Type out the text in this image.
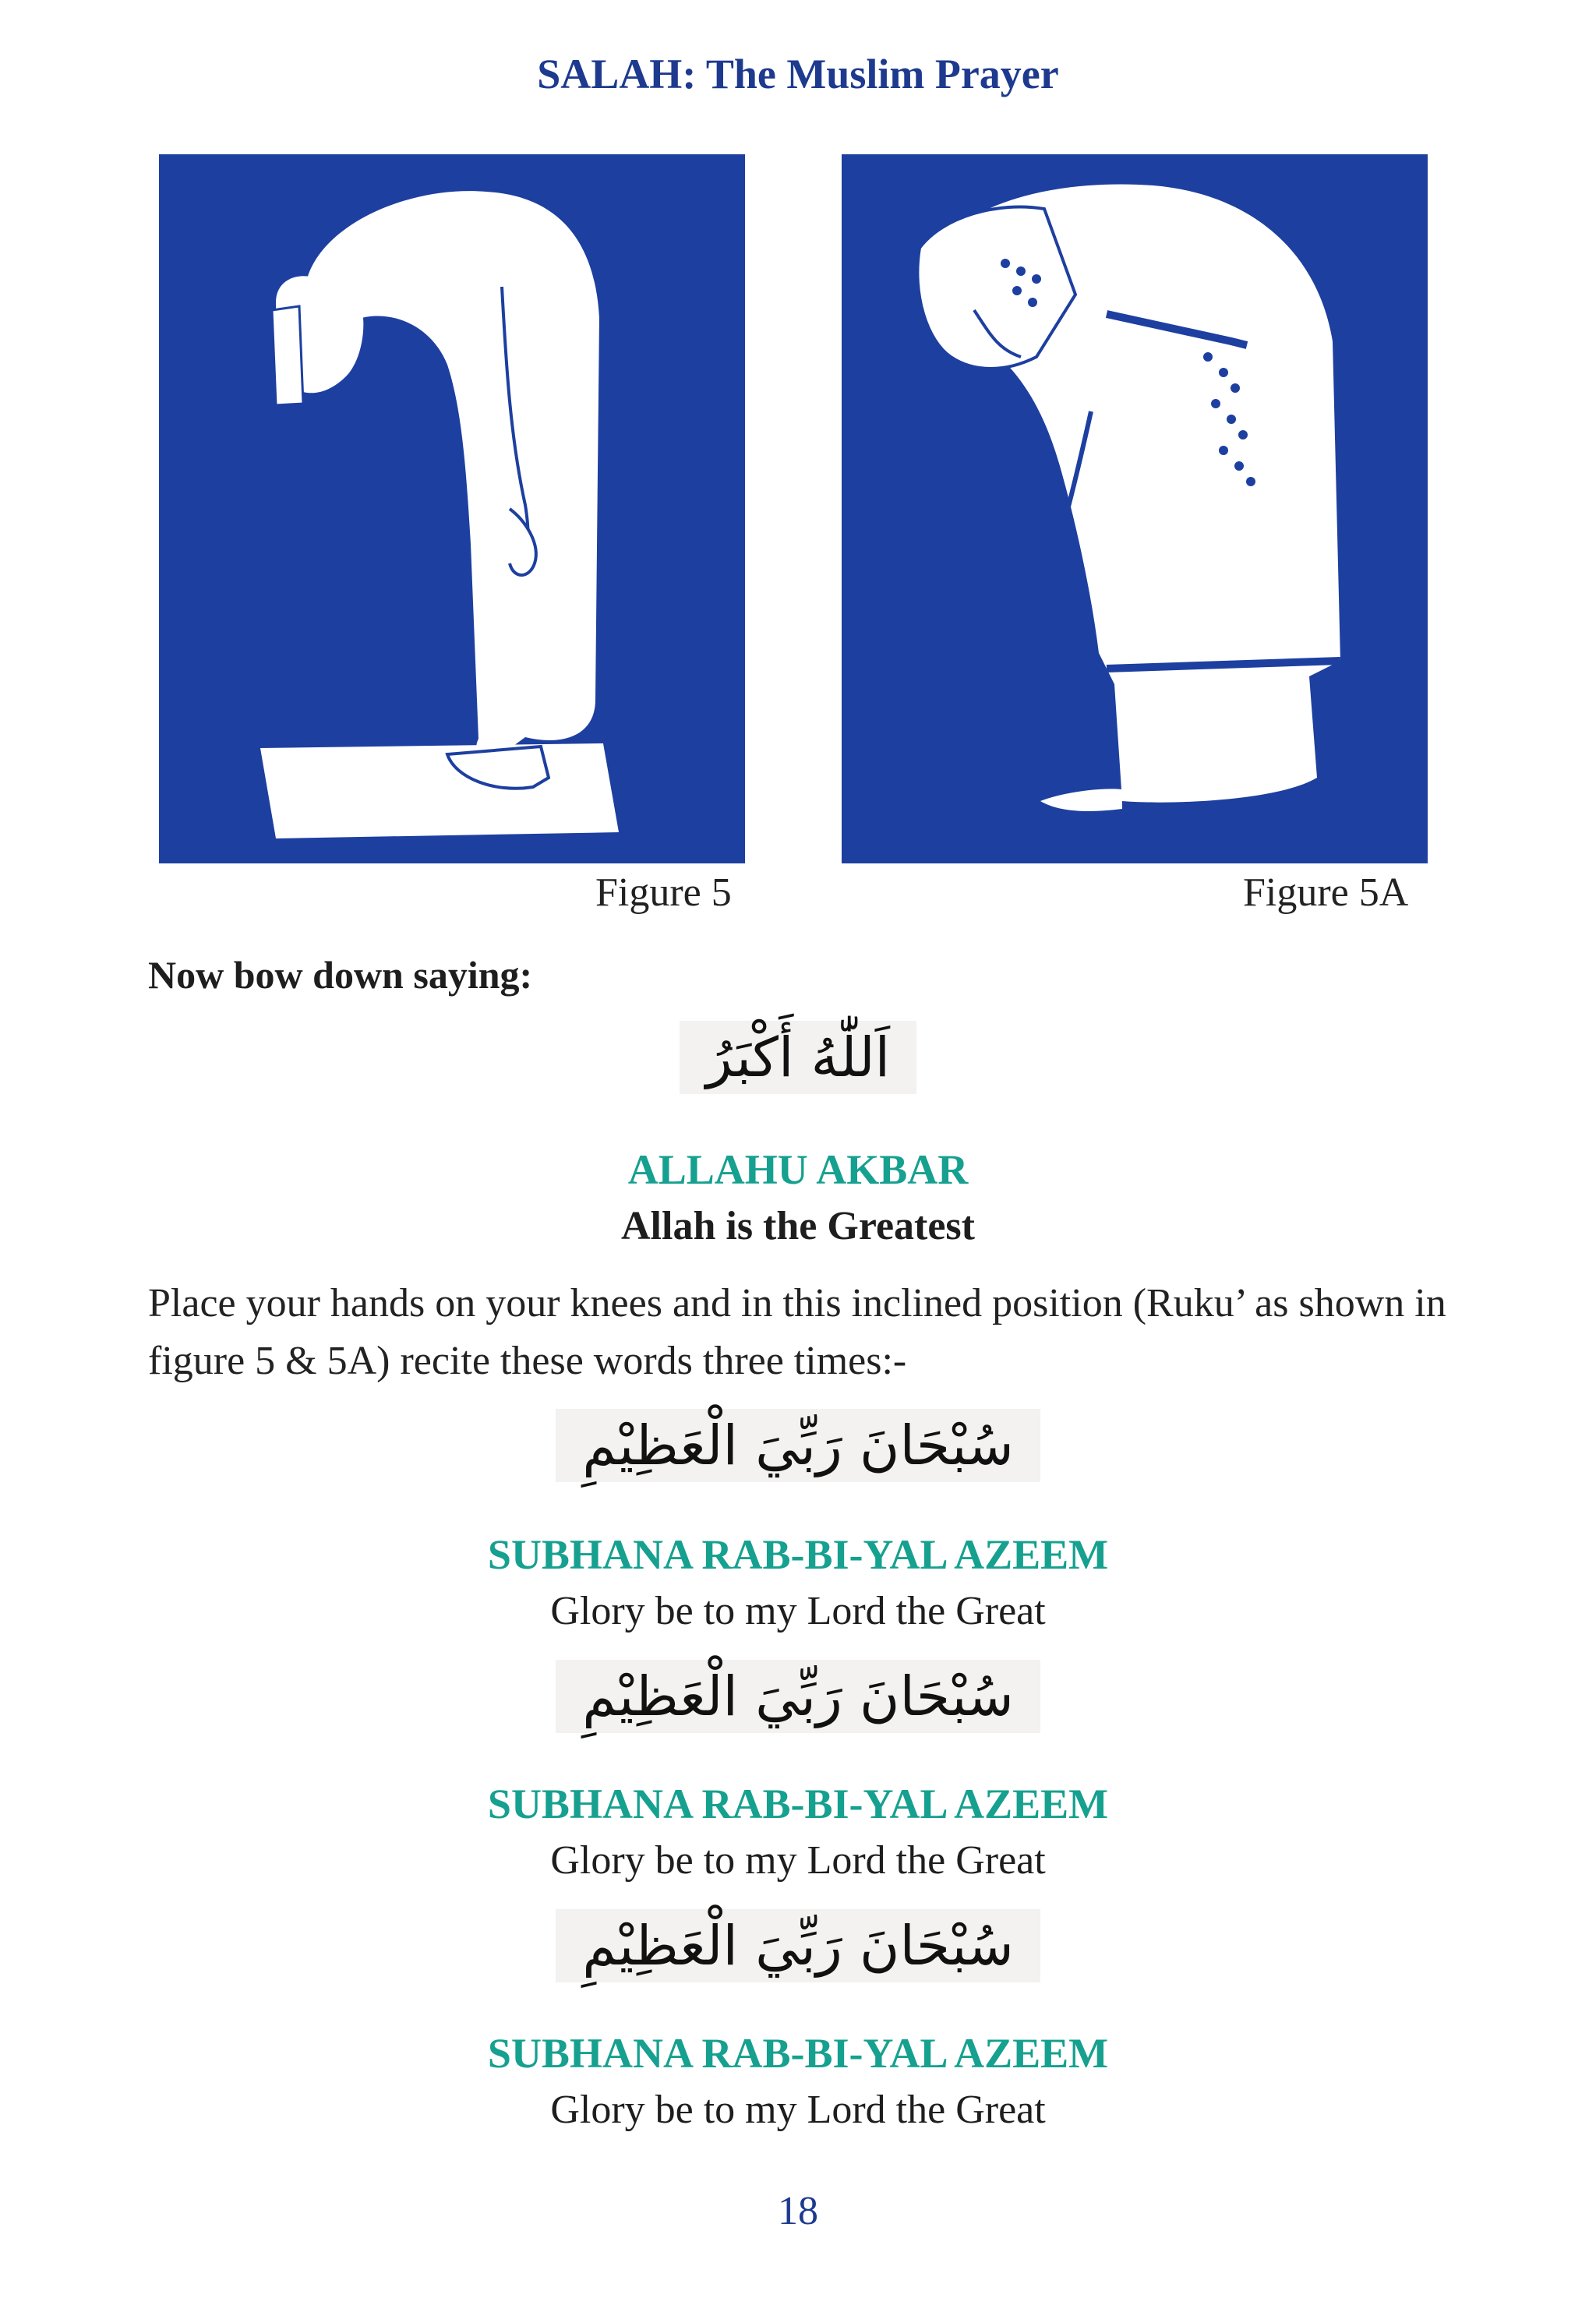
SALAH: The Muslim Prayer
Figure 5	Figure 5A
Now bow down saying:
اَللّٰهُ أَكْبَرُ
ALLAHU AKBAR
Allah is the Greatest
Place your hands on your knees and in this inclined position (Ruku’ as shown in figure 5 & 5A) recite these words three times:-
سُبْحَانَ رَبِّيَ الْعَظِيْمِ
SUBHANA RAB-BI-YAL AZEEM
Glory be to my Lord the Great
سُبْحَانَ رَبِّيَ الْعَظِيْمِ
SUBHANA RAB-BI-YAL AZEEM
Glory be to my Lord the Great
سُبْحَانَ رَبِّيَ الْعَظِيْمِ
SUBHANA RAB-BI-YAL AZEEM
Glory be to my Lord the Great
18
